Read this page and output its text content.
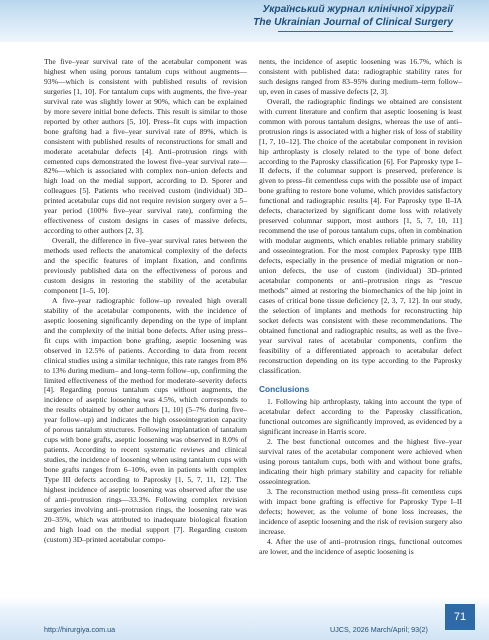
Український журнал клінічної хірургії
The Ukrainian Journal of Clinical Surgery

The five–year survival rate of the acetabular component was highest when using porous tantalum cups without augments—93%—which is consistent with published results of revision surgeries [1, 10]. For tantalum cups with augments, the five–year survival rate was slightly lower at 90%, which can be explained by more severe initial bone defects. This result is similar to those reported by other authors [5, 10]. Press–fit cups with impaction bone grafting had a five–year survival rate of 89%, which is consistent with published results of reconstructions for small and moderate acetabular defects [4]. Anti–protrusion rings with cemented cups demonstrated the lowest five–year survival rate—82%—which is associated with complex non–union defects and high load on the medial support, according to D. Sporer and colleagues [5]. Patients who received custom (individual) 3D–printed acetabular cups did not require revision surgery over a 5–year period (100% five–year survival rate), confirming the effectiveness of custom designs in cases of massive defects, according to other authors [2, 3].

Overall, the difference in five–year survival rates between the methods used reflects the anatomical complexity of the defects and the specific features of implant fixation, and confirms previously published data on the effectiveness of porous and custom designs in restoring the stability of the acetabular component [1–5, 10].

A five–year radiographic follow–up revealed high overall stability of the acetabular components, with the incidence of aseptic loosening significantly depending on the type of implant and the complexity of the initial bone defects. After using press–fit cups with impaction bone grafting, aseptic loosening was observed in 12.5% of patients. According to data from recent clinical studies using a similar technique, this rate ranges from 8% to 13% during medium– and long–term follow–up, confirming the limited effectiveness of the method for moderate–severity defects [4]. Regarding porous tantalum cups without augments, the incidence of aseptic loosening was 4.5%, which corresponds to the results obtained by other authors [1, 10] (5–7% during five–year follow–up) and indicates the high osseointegration capacity of porous tantalum structures. Following implantation of tantalum cups with bone grafts, aseptic loosening was observed in 8.0% of patients. According to recent systematic reviews and clinical studies, the incidence of loosening when using tantalum cups with bone grafts ranges from 6–10%, even in patients with complex Type III defects according to Paprosky [1, 5, 7, 11, 12]. The highest incidence of aseptic loosening was observed after the use of anti–protrusion rings—33.3%. Following complex revision surgeries involving anti–protrusion rings, the loosening rate was 20–35%, which was attributed to inadequate biological fixation and high load on the medial support [7]. Regarding custom (custom) 3D–printed acetabular compo-

nents, the incidence of aseptic loosening was 16.7%, which is consistent with published data: radiographic stability rates for such designs ranged from 83–95% during medium–term follow–up, even in cases of massive defects [2, 3].

Overall, the radiographic findings we obtained are consistent with current literature and confirm that aseptic loosening is least common with porous tantalum designs, whereas the use of anti–protrusion rings is associated with a higher risk of loss of stability [1, 7, 10–12]. The choice of the acetabular component in revision hip arthroplasty is closely related to the type of bone defect according to the Paprosky classification [6]. For Paprosky type I–II defects, if the columnar support is preserved, preference is given to press–fit cementless cups with the possible use of impact bone grafting to restore bone volume, which provides satisfactory functional and radiographic results [4]. For Paprosky type II–IA defects, characterized by significant dome loss with relatively preserved columnar support, most authors [1, 5, 7, 10, 11] recommend the use of porous tantalum cups, often in combination with modular augments, which enables reliable primary stability and osseointegration. For the most complex Paprosky type IIIB defects, especially in the presence of medial migration or non–union defects, the use of custom (individual) 3D–printed acetabular components or anti–protrusion rings as “rescue methods” aimed at restoring the biomechanics of the hip joint in cases of critical bone tissue deficiency [2, 3, 7, 12]. In our study, the selection of implants and methods for reconstructing hip socket defects was consistent with these recommendations. The obtained functional and radiographic results, as well as the five–year survival rates of acetabular components, confirm the feasibility of a differentiated approach to acetabular defect reconstruction depending on its type according to the Paprosky classification.

Conclusions

1. Following hip arthroplasty, taking into account the type of acetabular defect according to the Paprosky classification, functional outcomes are significantly improved, as evidenced by a significant increase in Harris score.

2. The best functional outcomes and the highest five–year survival rates of the acetabular component were achieved when using porous tantalum cups, both with and without bone grafts, indicating their high primary stability and capacity for reliable osseointegration.

3. The reconstruction method using press–fit cementless cups with impact bone grafting is effective for Paprosky Type I–II defects; however, as the volume of bone loss increases, the incidence of aseptic loosening and the risk of revision surgery also increase.

4. After the use of anti–protrusion rings, functional outcomes are lower, and the incidence of aseptic loosening is

http://hirurgiya.com.ua	UJCS, 2026 March/April; 93(2)
71
